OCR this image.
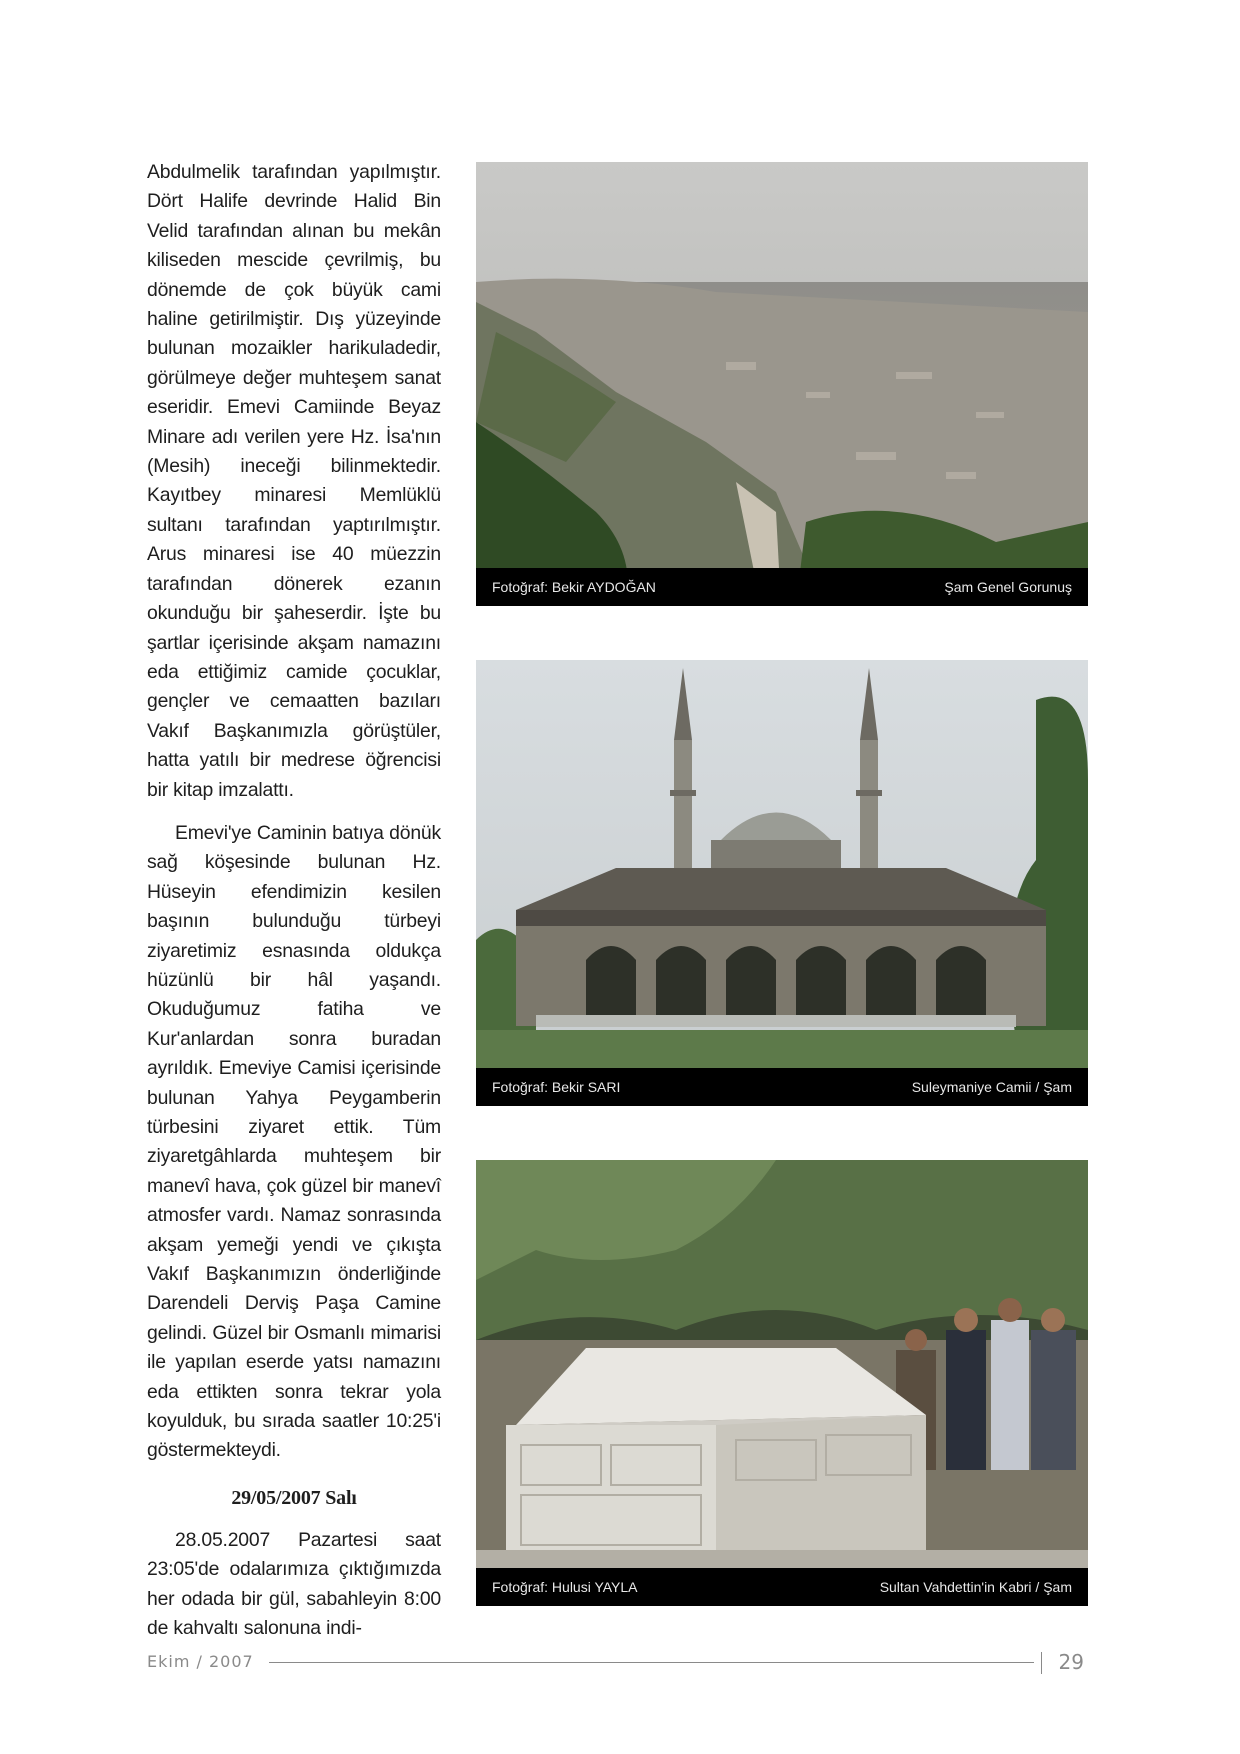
Abdulmelik tarafından yapılmıştır. Dört Halife devrinde Halid Bin Velid tarafından alınan bu mekân kiliseden mescide çevrilmiş, bu dönemde de çok büyük cami haline getirilmiştir. Dış yüzeyinde bulunan mozaikler harikuladedir, görülmeye değer muhteşem sanat eseridir. Emevi Camiinde Beyaz Minare adı verilen yere Hz. İsa'nın (Mesih) ineceği bilinmektedir. Kayıtbey minaresi Memlüklü sultanı tarafından yaptırılmıştır. Arus minaresi ise 40 müezzin tarafından dönerek ezanın okunduğu bir şaheserdir. İşte bu şartlar içerisinde akşam namazını eda ettiğimiz camide çocuklar, gençler ve cemaatten bazıları Vakıf Başkanımızla görüştüler, hatta yatılı bir medrese öğrencisi bir kitap imzalattı.

Emevi'ye Caminin batıya dönük sağ köşesinde bulunan Hz. Hüseyin efendimizin kesilen başının bulunduğu türbeyi ziyaretimiz esnasında oldukça hüzünlü bir hâl yaşandı. Okuduğumuz fatiha ve Kur'anlardan sonra buradan ayrıldık. Emeviye Camisi içerisinde bulunan Yahya Peygamberin türbesini ziyaret ettik. Tüm ziyaretgâhlarda muhteşem bir manevî hava, çok güzel bir manevî atmosfer vardı. Namaz sonrasında akşam yemeği yendi ve çıkışta Vakıf Başkanımızın önderliğinde Darendeli Derviş Paşa Camine gelindi. Güzel bir Osmanlı mimarisi ile yapılan eserde yatsı namazını eda ettikten sonra tekrar yola koyulduk, bu sırada saatler 10:25'i göstermekteydi.

29/05/2007 Salı

28.05.2007 Pazartesi saat 23:05'de odalarımıza çıktığımızda her odada bir gül, sabahleyin 8:00 de kahvaltı salonuna indi-

Fotoğraf: Bekir AYDOĞAN	Şam Genel Gorunuş
Fotoğraf: Bekir SARI	Suleymaniye Camii / Şam
Fotoğraf: Hulusi YAYLA	Sultan Vahdettin'in Kabri / Şam
Ekim / 2007	29
